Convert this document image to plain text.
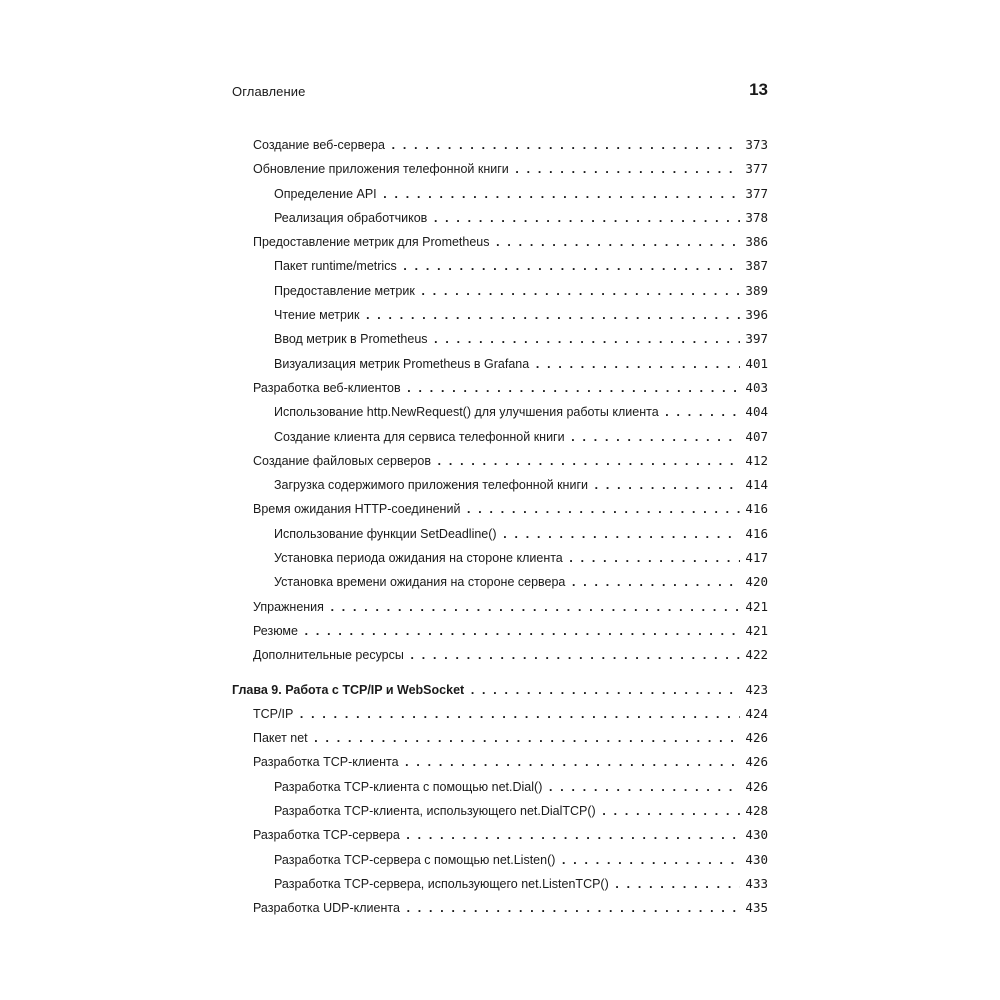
Оглавление	13
Создание веб-сервера . . .	373
Обновление приложения телефонной книги . . .	377
Определение API . . .	377
Реализация обработчиков . . .	378
Предоставление метрик для Prometheus . . .	386
Пакет runtime/metrics . . .	387
Предоставление метрик . . .	389
Чтение метрик . . .	396
Ввод метрик в Prometheus . . .	397
Визуализация метрик Prometheus в Grafana . . .	401
Разработка веб-клиентов . . .	403
Использование http.NewRequest() для улучшения работы клиента . . .	404
Создание клиента для сервиса телефонной книги . . .	407
Создание файловых серверов . . .	412
Загрузка содержимого приложения телефонной книги . . .	414
Время ожидания HTTP-соединений . . .	416
Использование функции SetDeadline() . . .	416
Установка периода ожидания на стороне клиента . . .	417
Установка времени ожидания на стороне сервера . . .	420
Упражнения . . .	421
Резюме . . .	421
Дополнительные ресурсы . . .	422
Глава 9. Работа с TCP/IP и WebSocket . . .	423
TCP/IP . . .	424
Пакет net . . .	426
Разработка TCP-клиента . . .	426
Разработка TCP-клиента с помощью net.Dial() . . .	426
Разработка TCP-клиента, использующего net.DialTCP() . . .	428
Разработка TCP-сервера . . .	430
Разработка TCP-сервера с помощью net.Listen() . . .	430
Разработка TCP-сервера, использующего net.ListenTCP() . . .	433
Разработка UDP-клиента . . .	435
